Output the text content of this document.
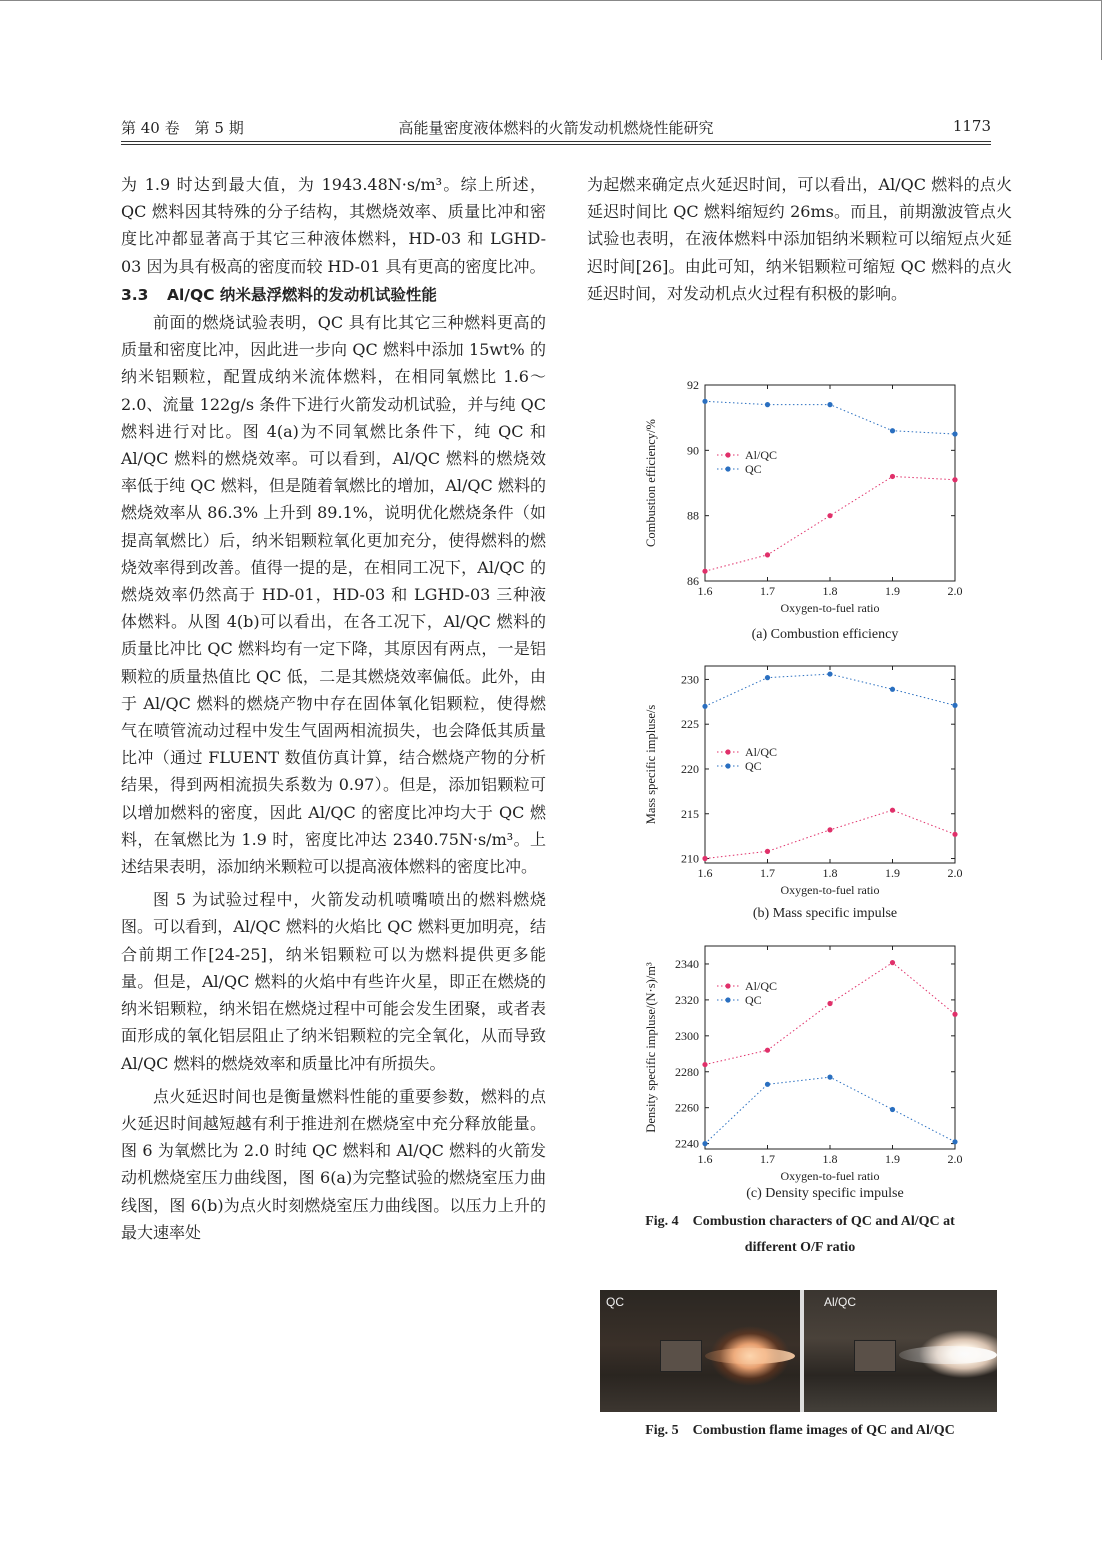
第 40 卷　第 5 期	高能量密度液体燃料的火箭发动机燃烧性能研究	1173

为 1.9 时达到最大值，为 1943.48N·s/m³。综上所述，QC 燃料因其特殊的分子结构，其燃烧效率、质量比冲和密度比冲都显著高于其它三种液体燃料，HD-03 和 LGHD-03 因为具有极高的密度而较 HD-01 具有更高的密度比冲。

3.3 Al/QC 纳米悬浮燃料的发动机试验性能

前面的燃烧试验表明，QC 具有比其它三种燃料更高的质量和密度比冲，因此进一步向 QC 燃料中添加 15wt% 的纳米铝颗粒，配置成纳米流体燃料，在相同氧燃比 1.6～2.0、流量 122g/s 条件下进行火箭发动机试验，并与纯 QC 燃料进行对比。图 4(a)为不同氧燃比条件下，纯 QC 和 Al/QC 燃料的燃烧效率。可以看到，Al/QC 燃料的燃烧效率低于纯 QC 燃料，但是随着氧燃比的增加，Al/QC 燃料的燃烧效率从 86.3% 上升到 89.1%，说明优化燃烧条件（如提高氧燃比）后，纳米铝颗粒氧化更加充分，使得燃料的燃烧效率得到改善。值得一提的是，在相同工况下，Al/QC 的燃烧效率仍然高于 HD-01，HD-03 和 LGHD-03 三种液体燃料。从图 4(b)可以看出，在各工况下，Al/QC 燃料的质量比冲比 QC 燃料均有一定下降，其原因有两点，一是铝颗粒的质量热值比 QC 低，二是其燃烧效率偏低。此外，由于 Al/QC 燃料的燃烧产物中存在固体氧化铝颗粒，使得燃气在喷管流动过程中发生气固两相流损失，也会降低其质量比冲（通过 FLUENT 数值仿真计算，结合燃烧产物的分析结果，得到两相流损失系数为 0.97）。但是，添加铝颗粒可以增加燃料的密度，因此 Al/QC 的密度比冲均大于 QC 燃料，在氧燃比为 1.9 时，密度比冲达 2340.75N·s/m³。上述结果表明，添加纳米颗粒可以提高液体燃料的密度比冲。

图 5 为试验过程中，火箭发动机喷嘴喷出的燃料燃烧图。可以看到，Al/QC 燃料的火焰比 QC 燃料更加明亮，结合前期工作[24-25]，纳米铝颗粒可以为燃料提供更多能量。但是，Al/QC 燃料的火焰中有些许火星，即正在燃烧的纳米铝颗粒，纳米铝在燃烧过程中可能会发生团聚，或者表面形成的氧化铝层阻止了纳米铝颗粒的完全氧化，从而导致 Al/QC 燃料的燃烧效率和质量比冲有所损失。

点火延迟时间也是衡量燃料性能的重要参数，燃料的点火延迟时间越短越有利于推进剂在燃烧室中充分释放能量。图 6 为氧燃比为 2.0 时纯 QC 燃料和 Al/QC 燃料的火箭发动机燃烧室压力曲线图，图 6(a)为完整试验的燃烧室压力曲线图，图 6(b)为点火时刻燃烧室压力曲线图。以压力上升的最大速率处

为起燃来确定点火延迟时间，可以看出，Al/QC 燃料的点火延迟时间比 QC 燃料缩短约 26ms。而且，前期激波管点火试验也表明，在液体燃料中添加铝纳米颗粒可以缩短点火延迟时间[26]。由此可知，纳米铝颗粒可缩短 QC 燃料的点火延迟时间，对发动机点火过程有积极的影响。

1.6	1.7	1.8	1.9	2.0
86
88
90
92
Oxygen-to-fuel ratio
Combustion efficiency/%	Al/QC
QC
(a) Combustion efficiency
1.6	1.7	1.8	1.9	2.0
210
215
220
225
230
Oxygen-to-fuel ratio
Mass specific impluse/s	Al/QC
QC
(b) Mass specific impulse
1.6	1.7	1.8	1.9	2.0
2240
2260
2280
2300
2320
2340
Oxygen-to-fuel ratio
Density specific impluse/(N·s)/m³	Al/QC
QC
(c) Density specific impulse
Fig. 4　Combustion characters of QC and Al/QC at
different O/F ratio
QC	Al/QC
Fig. 5　Combustion flame images of QC and Al/QC
